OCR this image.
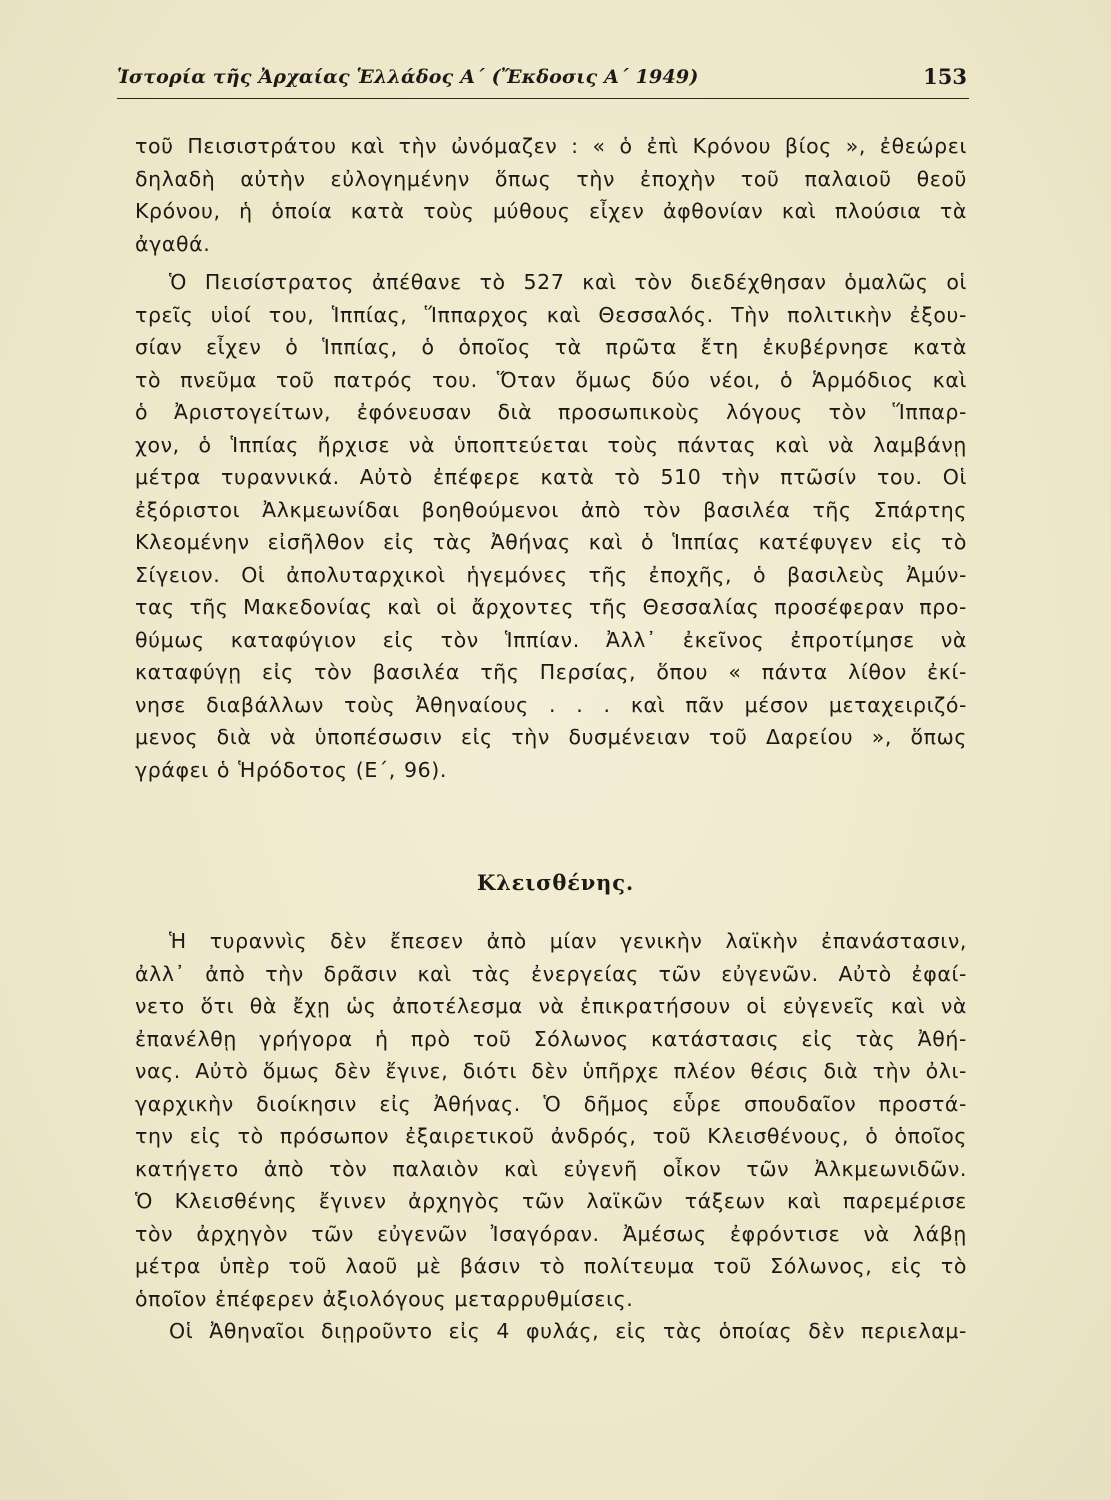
Ἱστορία τῆς Ἀρχαίας Ἑλλάδος Α´ (Ἔκδοσις Α´ 1949)	153
τοῦ Πεισιστράτου καὶ τὴν ὠνόμαζεν : « ὁ ἐπὶ Κρόνου βίος », ἐθεώρει
δηλαδὴ αὐτὴν εὐλογημένην ὅπως τὴν ἐποχὴν τοῦ παλαιοῦ θεοῦ
Κρόνου, ἡ ὁποία κατὰ τοὺς μύθους εἶχεν ἀφθονίαν καὶ πλούσια τὰ
ἀγαθά.
Ὁ Πεισίστρατος ἀπέθανε τὸ 527 καὶ τὸν διεδέχθησαν ὁμαλῶς οἱ
τρεῖς υἱοί του, Ἱππίας, Ἵππαρχος καὶ Θεσσαλός. Τὴν πολιτικὴν ἐξου-
σίαν εἶχεν ὁ Ἱππίας, ὁ ὁποῖος τὰ πρῶτα ἔτη ἐκυβέρνησε κατὰ
τὸ πνεῦμα τοῦ πατρός του. Ὅταν ὅμως δύο νέοι, ὁ Ἁρμόδιος καὶ
ὁ Ἀριστογείτων, ἐφόνευσαν διὰ προσωπικοὺς λόγους τὸν Ἵππαρ-
χον, ὁ Ἱππίας ἤρχισε νὰ ὑποπτεύεται τοὺς πάντας καὶ νὰ λαμβάνῃ
μέτρα τυραννικά. Αὐτὸ ἐπέφερε κατὰ τὸ 510 τὴν πτῶσίν του. Οἱ
ἐξόριστοι Ἀλκμεωνίδαι βοηθούμενοι ἀπὸ τὸν βασιλέα τῆς Σπάρτης
Κλεομένην εἰσῆλθον εἰς τὰς Ἀθήνας καὶ ὁ Ἱππίας κατέφυγεν εἰς τὸ
Σίγειον. Οἱ ἀπολυταρχικοὶ ἡγεμόνες τῆς ἐποχῆς, ὁ βασιλεὺς Ἀμύν-
τας τῆς Μακεδονίας καὶ οἱ ἄρχοντες τῆς Θεσσαλίας προσέφεραν προ-
θύμως καταφύγιον εἰς τὸν Ἱππίαν. Ἀλλ᾽ ἐκεῖνος ἐπροτίμησε νὰ
καταφύγῃ εἰς τὸν βασιλέα τῆς Περσίας, ὅπου « πάντα λίθον ἐκί-
νησε διαβάλλων τοὺς Ἀθηναίους . . . καὶ πᾶν μέσον μεταχειριζό-
μενος διὰ νὰ ὑποπέσωσιν εἰς τὴν δυσμένειαν τοῦ Δαρείου », ὅπως
γράφει ὁ Ἡρόδοτος (Ε´, 96).
Κλεισθένης.
Ἡ τυραννὶς δὲν ἔπεσεν ἀπὸ μίαν γενικὴν λαϊκὴν ἐπανάστασιν,
ἀλλ᾽ ἀπὸ τὴν δρᾶσιν καὶ τὰς ἐνεργείας τῶν εὐγενῶν. Αὐτὸ ἐφαί-
νετο ὅτι θὰ ἔχῃ ὡς ἀποτέλεσμα νὰ ἐπικρατήσουν οἱ εὐγενεῖς καὶ νὰ
ἐπανέλθῃ γρήγορα ἡ πρὸ τοῦ Σόλωνος κατάστασις εἰς τὰς Ἀθή-
νας. Αὐτὸ ὅμως δὲν ἔγινε, διότι δὲν ὑπῆρχε πλέον θέσις διὰ τὴν ὀλι-
γαρχικὴν διοίκησιν εἰς Ἀθήνας. Ὁ δῆμος εὗρε σπουδαῖον προστά-
την εἰς τὸ πρόσωπον ἐξαιρετικοῦ ἀνδρός, τοῦ Κλεισθένους, ὁ ὁποῖος
κατήγετο ἀπὸ τὸν παλαιὸν καὶ εὐγενῆ οἶκον τῶν Ἀλκμεωνιδῶν.
Ὁ Κλεισθένης ἔγινεν ἀρχηγὸς τῶν λαϊκῶν τάξεων καὶ παρεμέρισε
τὸν ἀρχηγὸν τῶν εὐγενῶν Ἰσαγόραν. Ἀμέσως ἐφρόντισε νὰ λάβῃ
μέτρα ὑπὲρ τοῦ λαοῦ μὲ βάσιν τὸ πολίτευμα τοῦ Σόλωνος, εἰς τὸ
ὁποῖον ἐπέφερεν ἀξιολόγους μεταρρυθμίσεις.
Οἱ Ἀθηναῖοι διῃροῦντο εἰς 4 φυλάς, εἰς τὰς ὁποίας δὲν περιελαμ-
